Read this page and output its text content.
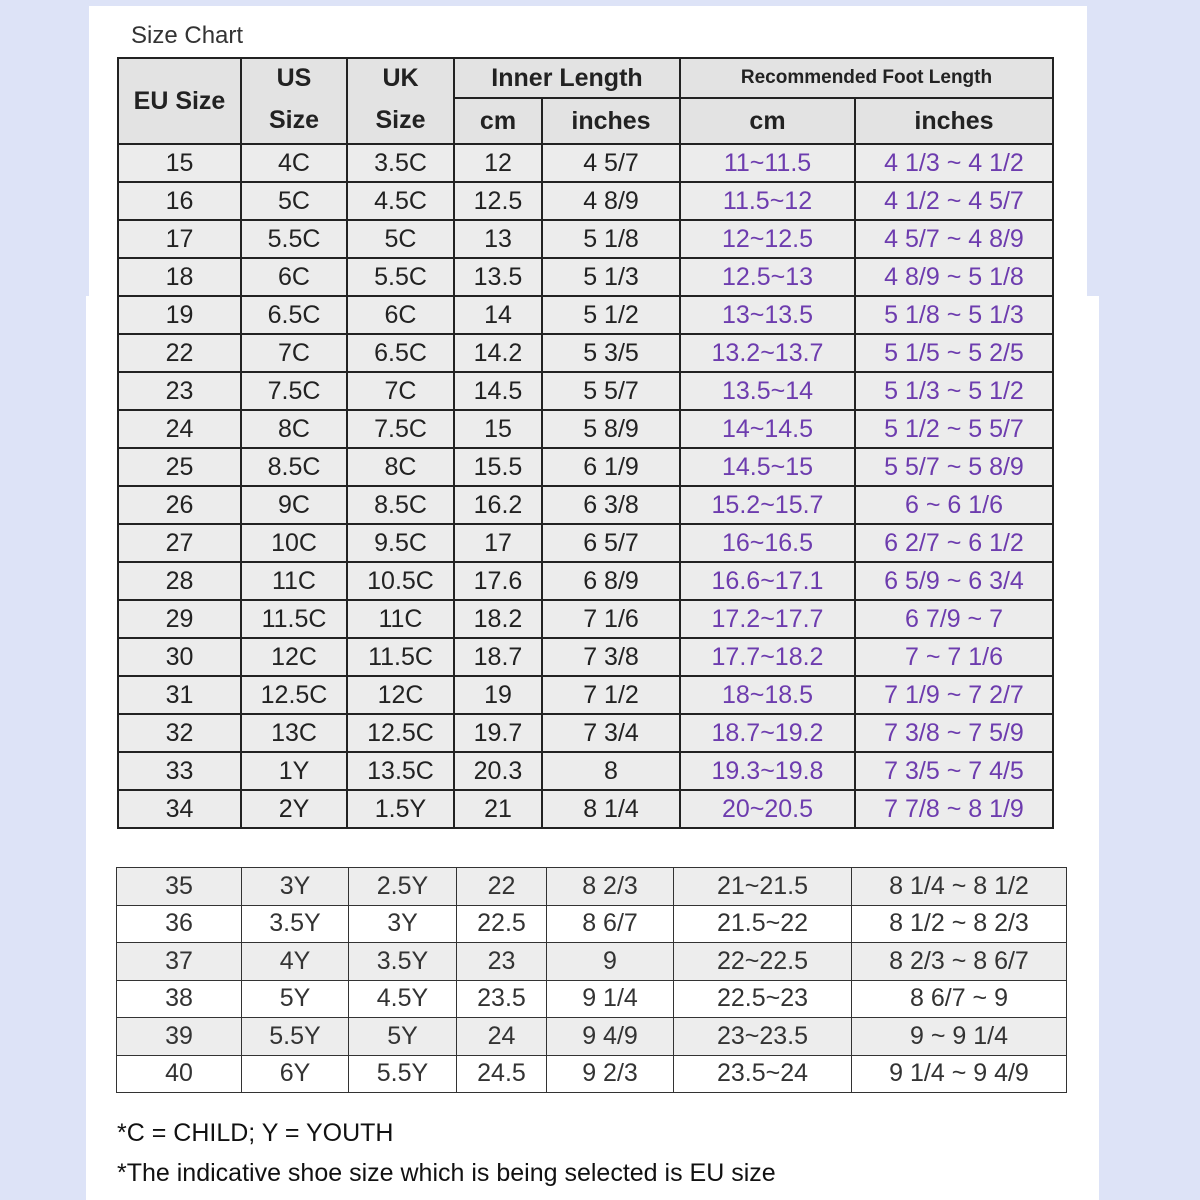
Size Chart
EU Size	US	UK	Inner Length		Recommended Foot Length	
	Size	Size	cm	inches	cm	inches
15	4C	3.5C	12	4 5/7	11~11.5	4 1/3 ~ 4 1/2
16	5C	4.5C	12.5	4 8/9	11.5~12	4 1/2 ~ 4 5/7
17	5.5C	5C	13	5 1/8	12~12.5	4 5/7 ~ 4 8/9
18	6C	5.5C	13.5	5 1/3	12.5~13	4 8/9 ~ 5 1/8
19	6.5C	6C	14	5 1/2	13~13.5	5 1/8 ~ 5 1/3
22	7C	6.5C	14.2	5 3/5	13.2~13.7	5 1/5 ~ 5 2/5
23	7.5C	7C	14.5	5 5/7	13.5~14	5 1/3 ~ 5 1/2
24	8C	7.5C	15	5 8/9	14~14.5	5 1/2 ~ 5 5/7
25	8.5C	8C	15.5	6 1/9	14.5~15	5 5/7 ~ 5 8/9
26	9C	8.5C	16.2	6 3/8	15.2~15.7	6 ~ 6 1/6
27	10C	9.5C	17	6 5/7	16~16.5	6 2/7 ~ 6 1/2
28	11C	10.5C	17.6	6 8/9	16.6~17.1	6 5/9 ~ 6 3/4
29	11.5C	11C	18.2	7 1/6	17.2~17.7	6 7/9 ~ 7
30	12C	11.5C	18.7	7 3/8	17.7~18.2	7 ~ 7 1/6
31	12.5C	12C	19	7 1/2	18~18.5	7 1/9 ~ 7 2/7
32	13C	12.5C	19.7	7 3/4	18.7~19.2	7 3/8 ~ 7 5/9
33	1Y	13.5C	20.3	8	19.3~19.8	7 3/5 ~ 7 4/5
34	2Y	1.5Y	21	8 1/4	20~20.5	7 7/8 ~ 8 1/9
35	3Y	2.5Y	22	8 2/3	21~21.5	8 1/4 ~ 8 1/2
36	3.5Y	3Y	22.5	8 6/7	21.5~22	8 1/2 ~ 8 2/3
37	4Y	3.5Y	23	9	22~22.5	8 2/3 ~ 8 6/7
38	5Y	4.5Y	23.5	9 1/4	22.5~23	8 6/7 ~ 9
39	5.5Y	5Y	24	9 4/9	23~23.5	9 ~ 9 1/4
40	6Y	5.5Y	24.5	9 2/3	23.5~24	9 1/4 ~ 9 4/9
*C = CHILD; Y = YOUTH
*The indicative shoe size which is being selected is EU size
